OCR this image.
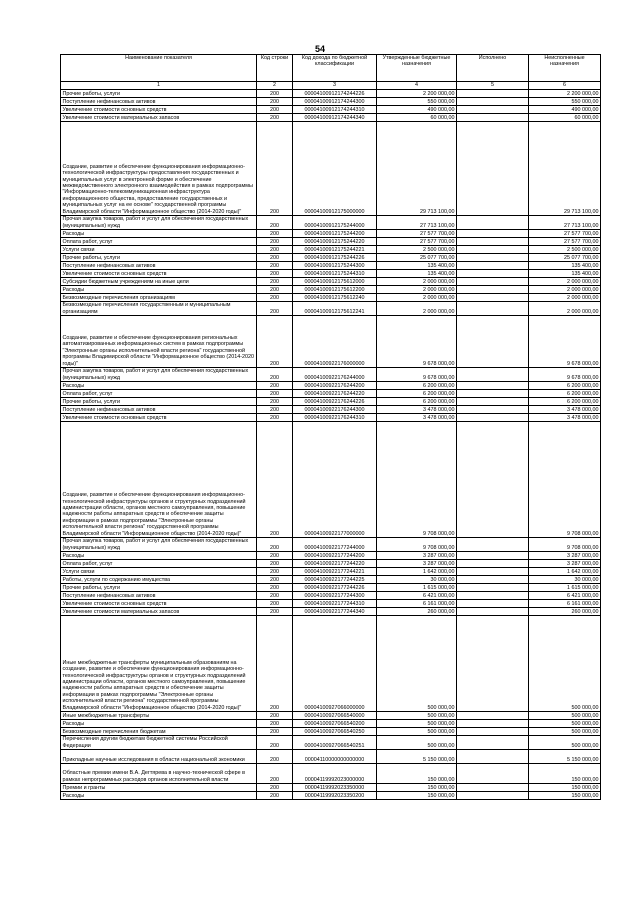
54
Наименование показателя	Код строки	Код дохода по бюджетной классификации	Утвержденные бюджетные назначения	Исполнено	Неисполненные назначения
1	2	3	4	5	6
Прочие работы, услуги	200	00004100912174244226	2 200 000,00		2 200 000,00
Поступление нефинансовых активов	200	00004100912174244300	550 000,00		550 000,00
Увеличение стоимости основных средств	200	00004100912174244310	490 000,00		490 000,00
Увеличение стоимости материальных запасов	200	00004100912174244340	60 000,00		60 000,00
Создание, развитие и обеспечение функционирования информационно-технологической инфраструктуры предоставления государственных и муниципальных услуг в электронной форме и обеспечение межведомственного электронного взаимодействия в рамках подпрограммы "Информационно-телекоммуникационная инфраструктура информационного общества, предоставление государственных и муниципальных услуг на ее основе" государственной программы Владимирской области "Информационное общество (2014-2020 годы)"	200	00004100912175000000	29 713 100,00		29 713 100,00
Прочая закупка товаров, работ и услуг для обеспечения государственных (муниципальных) нужд	200	00004100912175244000	27 713 100,00		27 713 100,00
Расходы	200	00004100912175244200	27 577 700,00		27 577 700,00
Оплата работ, услуг	200	00004100912175244220	27 577 700,00		27 577 700,00
Услуги связи	200	00004100912175244221	2 500 000,00		2 500 000,00
Прочие работы, услуги	200	00004100912175244226	25 077 700,00		25 077 700,00
Поступление нефинансовых активов	200	00004100912175244300	135 400,00		135 400,00
Увеличение стоимости основных средств	200	00004100912175244310	135 400,00		135 400,00
Субсидии бюджетным учреждениям на иные цели	200	00004100912175612000	2 000 000,00		2 000 000,00
Расходы	200	00004100912175612200	2 000 000,00		2 000 000,00
Безвозмездные перечисления организациям	200	00004100912175612240	2 000 000,00		2 000 000,00
Безвозмездные перечисления государственным и муниципальным организациям	200	00004100912175612241	2 000 000,00		2 000 000,00
Создание, развитие и обеспечение функционирования региональных автоматизированных информационных систем в рамках подпрограммы "Электронные органы исполнительной власти региона" государственной программы Владимирской области "Информационное общество (2014-2020 годы)"	200	00004100922176000000	9 678 000,00		9 678 000,00
Прочая закупка товаров, работ и услуг для обеспечения государственных (муниципальных) нужд	200	00004100922176244000	9 678 000,00		9 678 000,00
Расходы	200	00004100922176244200	6 200 000,00		6 200 000,00
Оплата работ, услуг	200	00004100922176244220	6 200 000,00		6 200 000,00
Прочие работы, услуги	200	00004100922176244226	6 200 000,00		6 200 000,00
Поступление нефинансовых активов	200	00004100922176244300	3 478 000,00		3 478 000,00
Увеличение стоимости основных средств	200	00004100922176244310	3 478 000,00		3 478 000,00
Создание, развитие и обеспечение функционирования информационно-технологической инфраструктуры органов и структурных подразделений администрации области, органов местного самоуправления, повышение надежности работы аппаратных средств и обеспечение защиты информации в рамках подпрограммы "Электронные органы исполнительной власти региона" государственной программы Владимирской области "Информационное общество (2014-2020 годы)"	200	00004100922177000000	9 708 000,00		9 708 000,00
Прочая закупка товаров, работ и услуг для обеспечения государственных (муниципальных) нужд	200	00004100922177244000	9 708 000,00		9 708 000,00
Расходы	200	00004100922177244200	3 287 000,00		3 287 000,00
Оплата работ, услуг	200	00004100922177244220	3 287 000,00		3 287 000,00
Услуги связи	200	00004100922177244221	1 642 000,00		1 642 000,00
Работы, услуги по содержанию имущества	200	00004100922177244225	30 000,00		30 000,00
Прочие работы, услуги	200	00004100922177244226	1 615 000,00		1 615 000,00
Поступление нефинансовых активов	200	00004100922177244300	6 421 000,00		6 421 000,00
Увеличение стоимости основных средств	200	00004100922177244310	6 161 000,00		6 161 000,00
Увеличение стоимости материальных запасов	200	00004100922177244340	260 000,00		260 000,00
Иные межбюджетные трансферты муниципальным образованиям на создание, развитие и обеспечение функционирования информационно-технологической инфраструктуры органов и структурных подразделений администрации области, органов местного самоуправления, повышение надежности работы аппаратных средств и обеспечение защиты информации в рамках подпрограммы "Электронные органы исполнительной власти региона" государственной программы Владимирской области "Информационное общество (2014-2020 годы)"	200	00004100927066000000	500 000,00		500 000,00
Иные межбюджетные трансферты	200	00004100927066540000	500 000,00		500 000,00
Расходы	200	00004100927066540200	500 000,00		500 000,00
Безвозмездные перечисления бюджетам	200	00004100927066540250	500 000,00		500 000,00
Перечисления другим бюджетам бюджетной системы Российской Федерации	200	00004100927066540251	500 000,00		500 000,00
Прикладные научные исследования в области национальной экономики	200	00004110000000000000	5 150 000,00		5 150 000,00
Областные премии имени В.А. Дегтярева в научно-технической сфере в рамках непрограммных расходов органов исполнительной власти	200	00004119992023000000	150 000,00		150 000,00
Премии и гранты	200	00004119992023350000	150 000,00		150 000,00
Расходы	200	00004119992023350200	150 000,00		150 000,00
